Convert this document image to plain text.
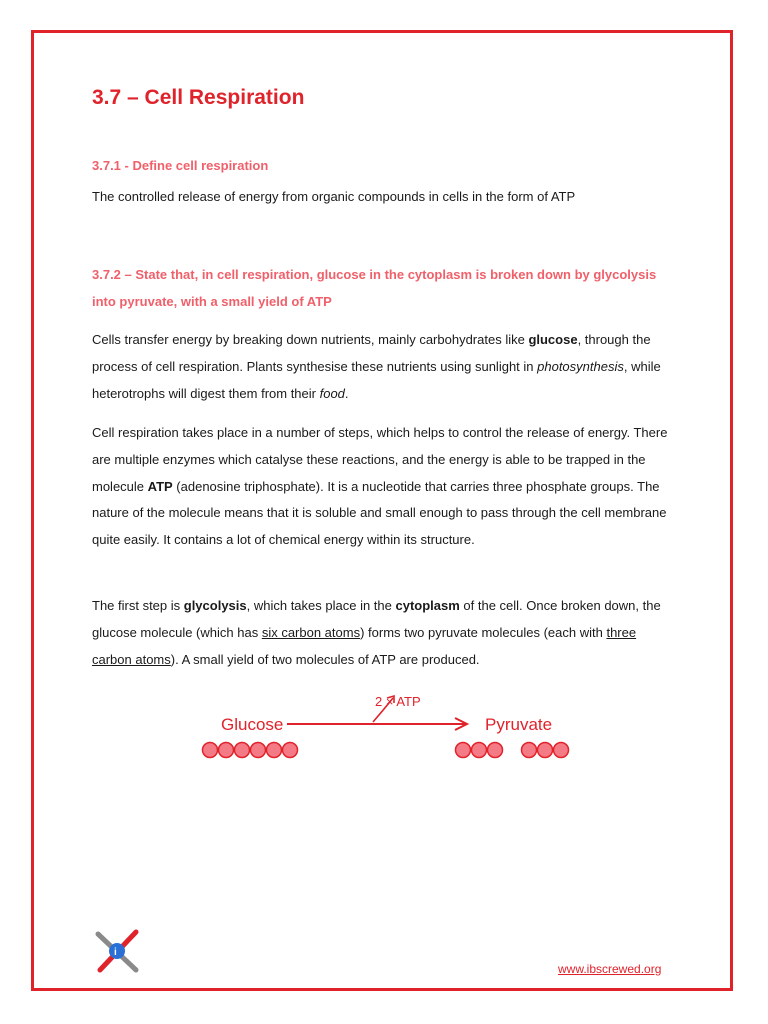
3.7 – Cell Respiration

3.7.1 - Define cell respiration

The controlled release of energy from organic compounds in cells in the form of ATP

3.7.2 – State that, in cell respiration, glucose in the cytoplasm is broken down by glycolysis into pyruvate, with a small yield of ATP

Cells transfer energy by breaking down nutrients, mainly carbohydrates like glucose, through the process of cell respiration. Plants synthesise these nutrients using sunlight in photosynthesis, while heterotrophs will digest them from their food.

Cell respiration takes place in a number of steps, which helps to control the release of energy. There are multiple enzymes which catalyse these reactions, and the energy is able to be trapped in the molecule ATP (adenosine triphosphate). It is a nucleotide that carries three phosphate groups. The nature of the molecule means that it is soluble and small enough to pass through the cell membrane quite easily. It contains a lot of chemical energy within its structure.

The first step is glycolysis, which takes place in the cytoplasm of the cell. Once broken down, the glucose molecule (which has six carbon atoms) forms two pyruvate molecules (each with three carbon atoms). A small yield of two molecules of ATP are produced.

Glucose
2 × ATP
Pyruvate
i
www.ibscrewed.org
